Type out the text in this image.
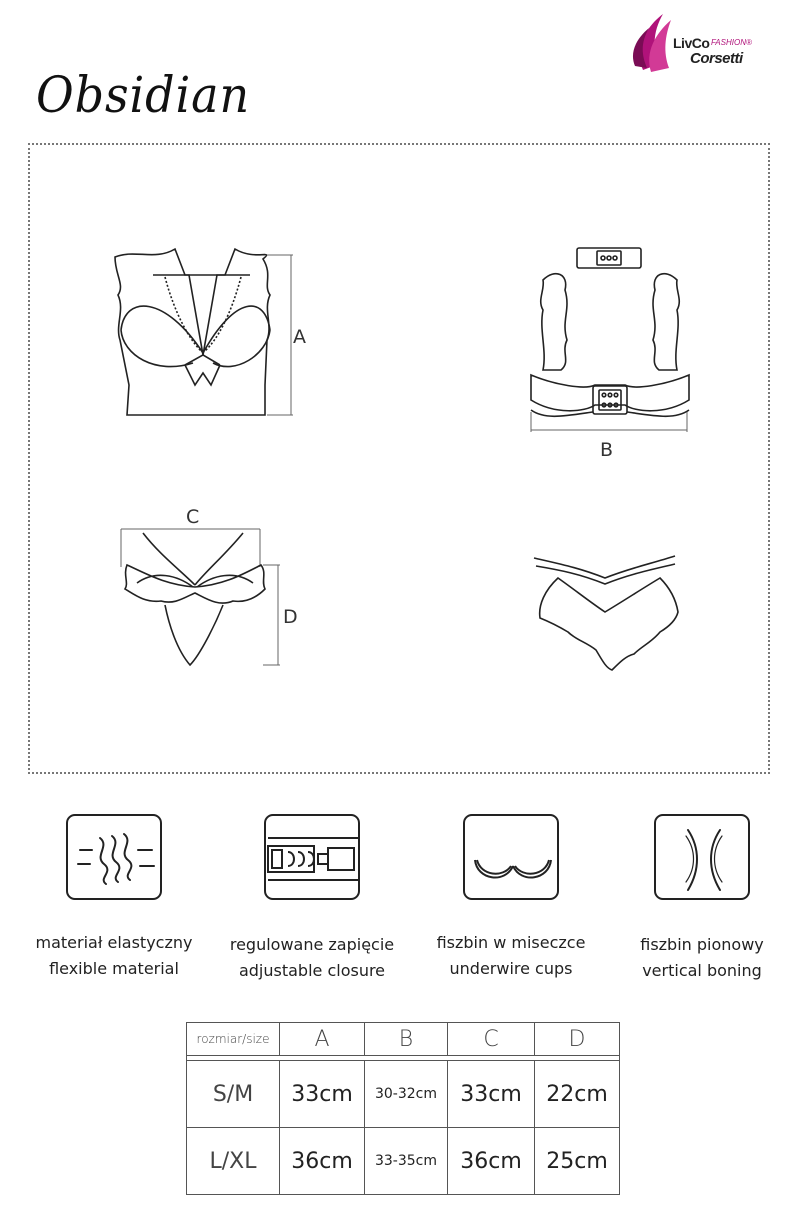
LivCo FASHION®
Corsetti
Obsidian
A
B
C
D
materiał elastyczny
flexible material
regulowane zapięcie
adjustable closure
fiszbin w miseczce
underwire cups
fiszbin pionowy
vertical boning
rozmiar/size	A	B	C	D

S/M	33cm	30-32cm	33cm	22cm
L/XL	36cm	33-35cm	36cm	25cm
